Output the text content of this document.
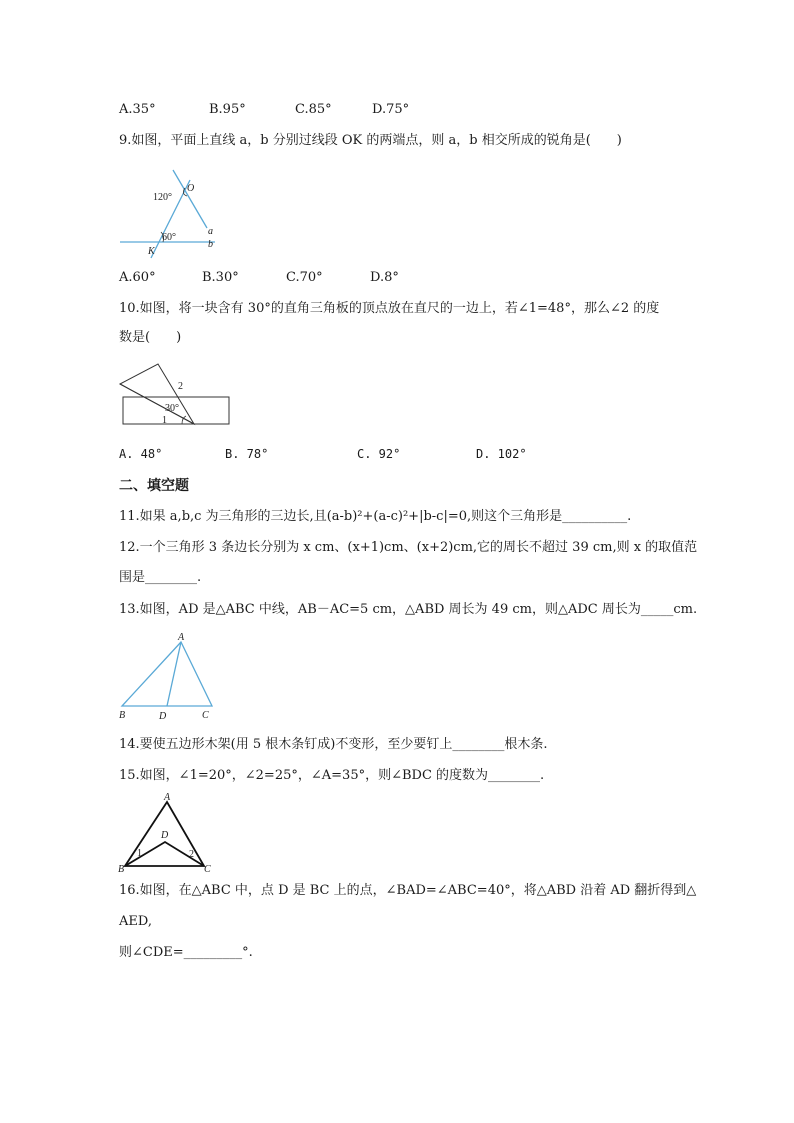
A.35°	B.95°	C.85°	D.75°
9.如图，平面上直线 a，b 分别过线段 OK 的两端点，则 a，b 相交所成的锐角是(　　)
O
120°
60°
a
b
K
A.60°	B.30°	C.70°	D.8°
10.如图，将一块含有 30°的直角三角板的顶点放在直尺的一边上，若∠1=48°，那么∠2 的度
数是(　　)
2
30°
1
A. 48°	B. 78°	C. 92°	D. 102°
二、填空题
11.如果 a,b,c 为三角形的三边长,且(a-b)²+(a-c)²+|b-c|=0,则这个三角形是__________.
12.一个三角形 3 条边长分别为 x cm、(x+1)cm、(x+2)cm,它的周长不超过 39 cm,则 x 的取值范
围是________.
13.如图，AD 是△ABC 中线，AB－AC=5 cm，△ABD 周长为 49 cm，则△ADC 周长为_____cm.
A
B	D	C
14.要使五边形木架(用 5 根木条钉成)不变形，至少要钉上________根木条.
15.如图，∠1=20°，∠2=25°，∠A=35°，则∠BDC 的度数为________.
A
D
1	2
B	C
16.如图，在△ABC 中，点 D 是 BC 上的点，∠BAD=∠ABC=40°，将△ABD 沿着 AD 翻折得到△
AED,
则∠CDE=_________°.
